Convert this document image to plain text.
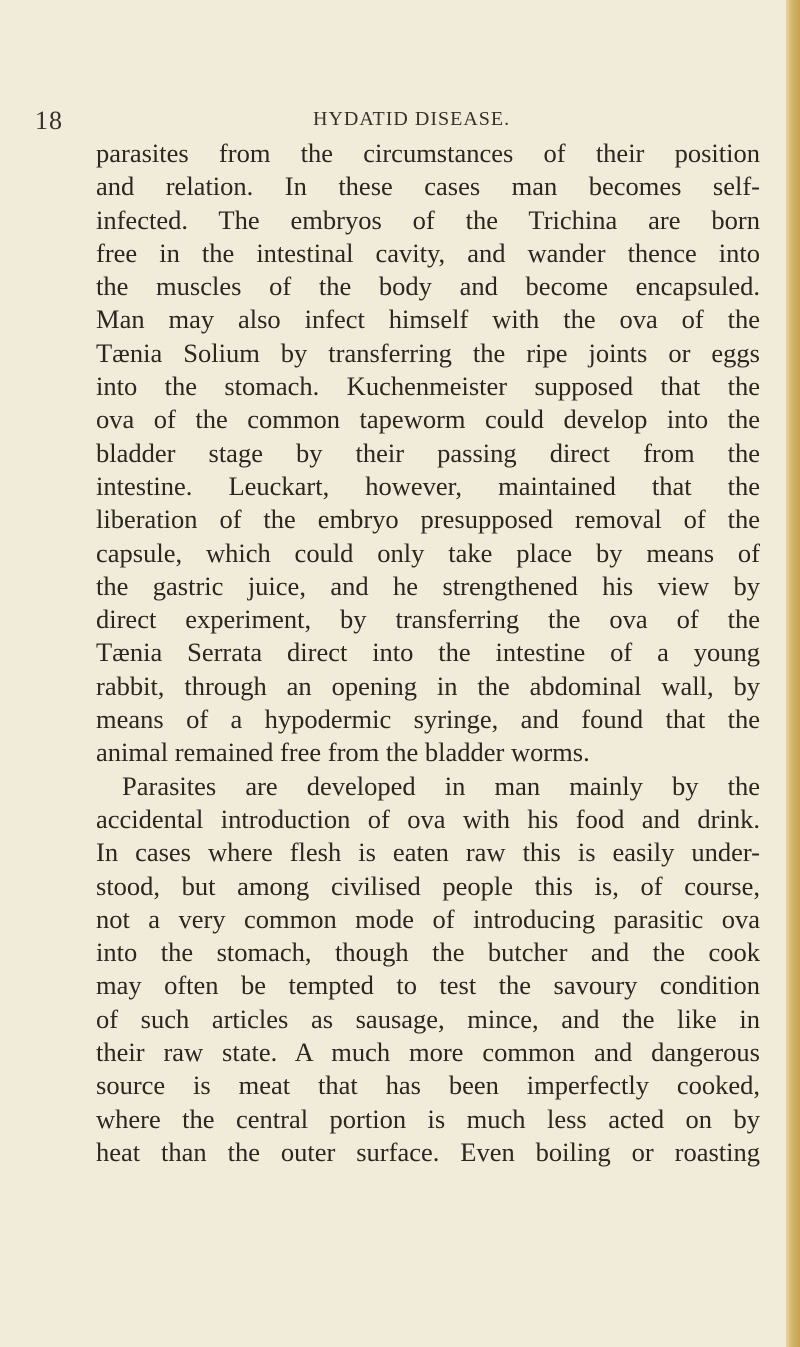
18	HYDATID DISEASE.
parasites from the circumstances of their position
and relation. In these cases man becomes self-
infected. The embryos of the Trichina are born
free in the intestinal cavity, and wander thence into
the muscles of the body and become encapsuled.
Man may also infect himself with the ova of the
Tænia Solium by transferring the ripe joints or eggs
into the stomach. Kuchenmeister supposed that the
ova of the common tapeworm could develop into the
bladder stage by their passing direct from the
intestine. Leuckart, however, maintained that the
liberation of the embryo presupposed removal of the
capsule, which could only take place by means of
the gastric juice, and he strengthened his view by
direct experiment, by transferring the ova of the
Tænia Serrata direct into the intestine of a young
rabbit, through an opening in the abdominal wall, by
means of a hypodermic syringe, and found that the
animal remained free from the bladder worms.
Parasites are developed in man mainly by the
accidental introduction of ova with his food and drink.
In cases where flesh is eaten raw this is easily under-
stood, but among civilised people this is, of course,
not a very common mode of introducing parasitic ova
into the stomach, though the butcher and the cook
may often be tempted to test the savoury condition
of such articles as sausage, mince, and the like in
their raw state. A much more common and dangerous
source is meat that has been imperfectly cooked,
where the central portion is much less acted on by
heat than the outer surface. Even boiling or roasting
